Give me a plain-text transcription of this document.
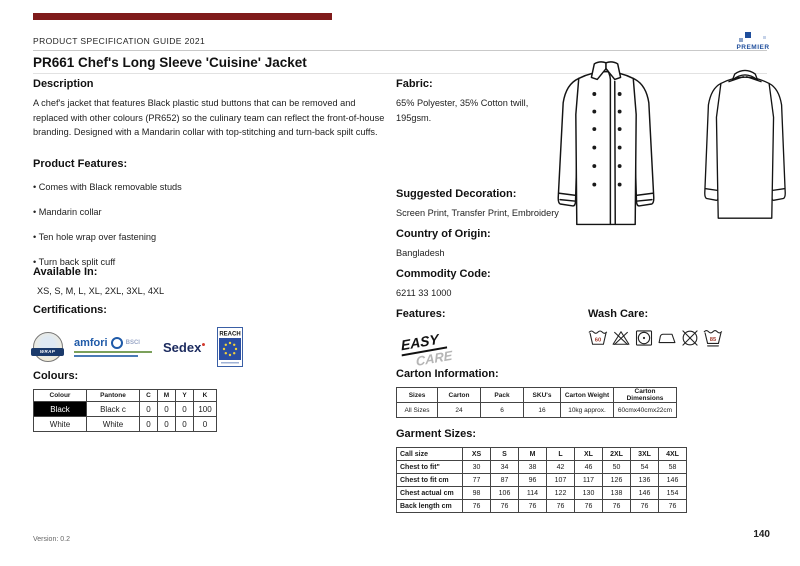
PRODUCT SPECIFICATION GUIDE 2021
PR661 Chef's Long Sleeve 'Cuisine' Jacket
PREMIER
Description
A chef's jacket that features Black plastic stud buttons that can be removed and replaced with other colours (PR652) so the culinary team can reflect the front-of-house branding. Designed with a Mandarin collar with top-stitching and turn-back spilt cuffs.
Product Features:
• Comes with Black removable studs
• Mandarin collar
• Ten hole wrap over fastening
• Turn back split cuff
Available In:
XS, S, M, L, XL, 2XL, 3XL, 4XL
Certifications:
WRAP
amfori	BSCI Sedex●
REACH
Colours:
Colour	Pantone	C	M	Y	K
Black	Black c	0	0	0	100
White	White	0	0	0	0
Fabric:
65% Polyester, 35% Cotton twill, 195gsm.
Suggested Decoration:
Screen Print, Transfer Print, Embroidery
Country of Origin:
Bangladesh
Commodity Code:
6211 33 1000
Features:
EASY
CARE
Wash Care:
60	85
Carton Information:
Sizes	Carton	Pack	SKU's	Carton Weight	Carton Dimensions
All Sizes	24	6	16	10kg approx.	60cmx40cmx22cm
Garment Sizes:
Call size	XS	S	M	L	XL	2XL	3XL	4XL
Chest to fit"	30	34	38	42	46	50	54	58
Chest to fit cm	77	87	96	107	117	126	136	146
Chest actual cm	98	106	114	122	130	138	146	154
Back length cm	76	76	76	76	76	76	76	76
Version: 0.2	140
